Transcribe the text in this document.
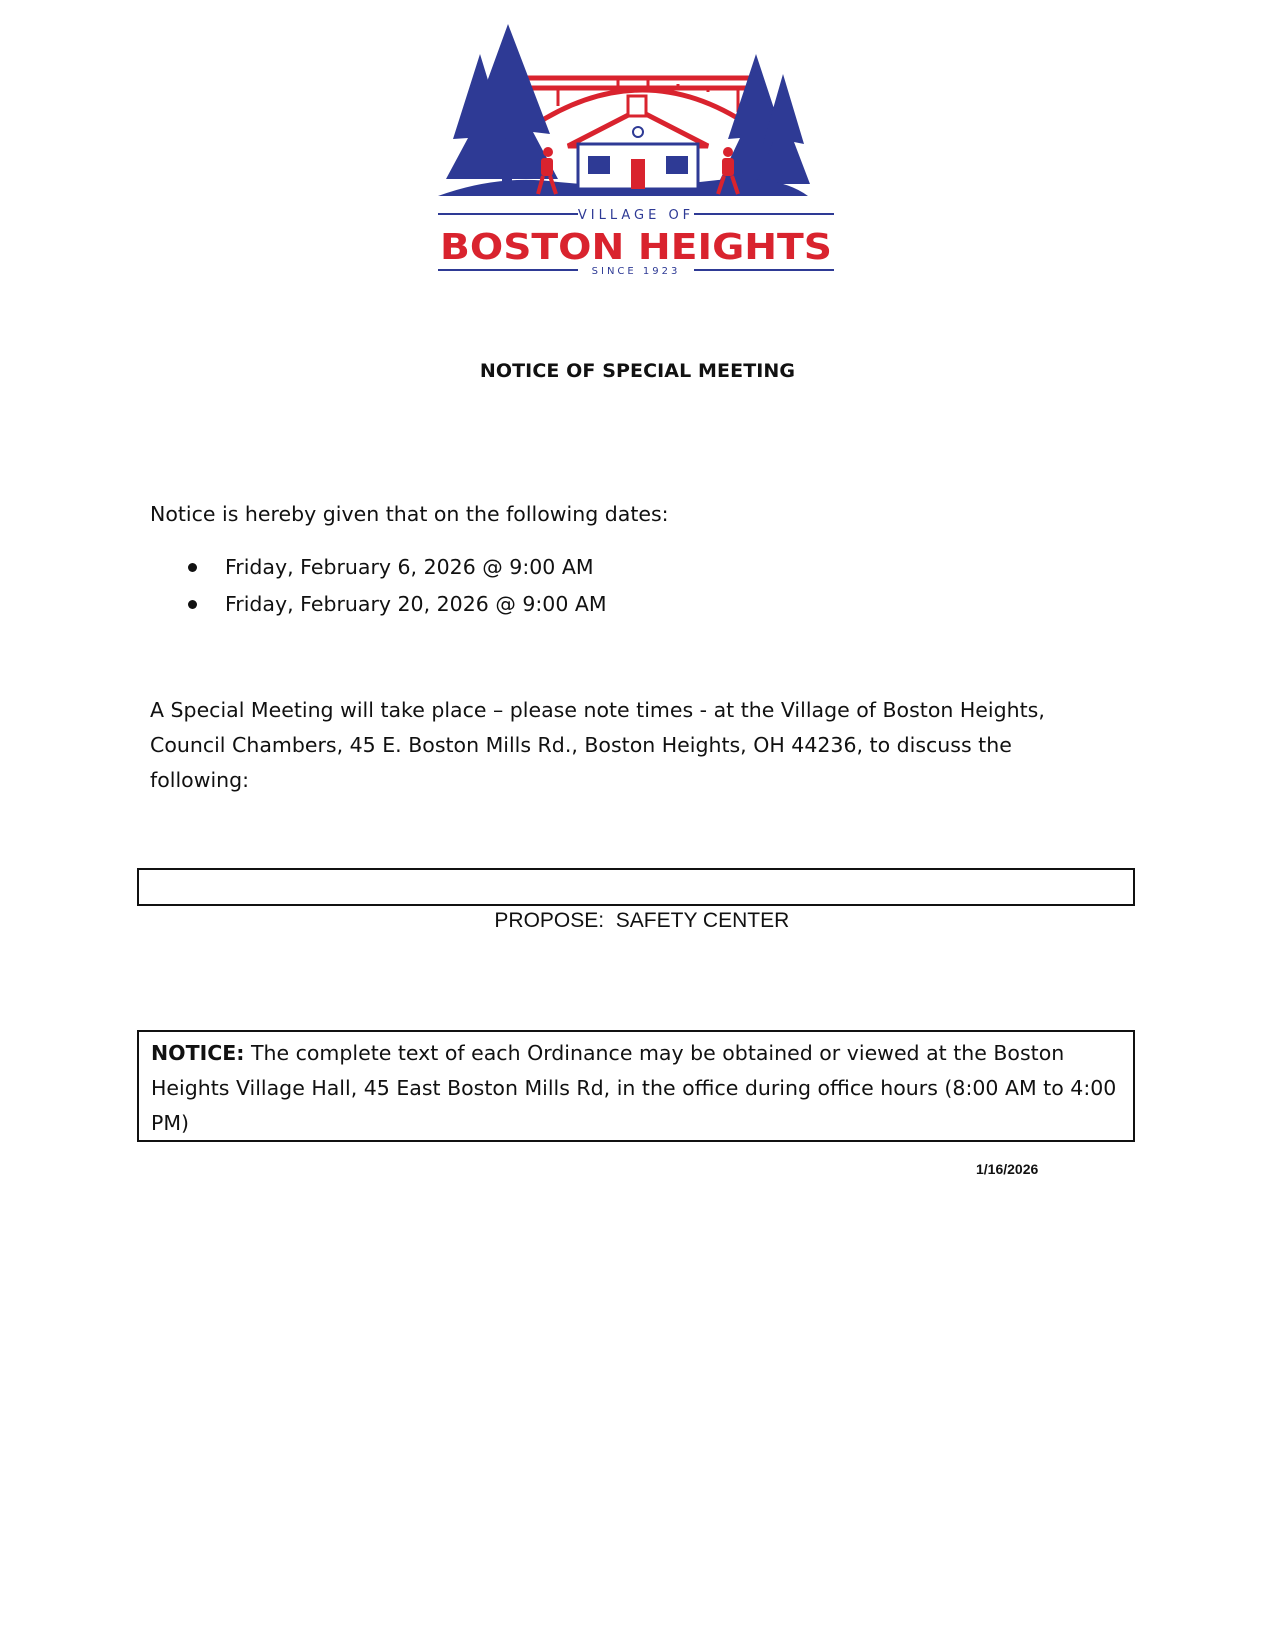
VILLAGE OF
BOSTON HEIGHTS
SINCE 1923
NOTICE OF SPECIAL MEETING
Notice is hereby given that on the following dates:
Friday, February 6, 2026 @ 9:00 AM
Friday, February 20, 2026 @ 9:00 AM
A Special Meeting will take place – please note times - at the Village of Boston Heights, Council Chambers, 45 E. Boston Mills Rd., Boston Heights, OH 44236, to discuss the following:

PROPOSE:  SAFETY CENTER

NOTICE: The complete text of each Ordinance may be obtained or viewed at the Boston Heights Village Hall, 45 East Boston Mills Rd, in the office during office hours (8:00 AM to 4:00 PM)
1/16/2026
